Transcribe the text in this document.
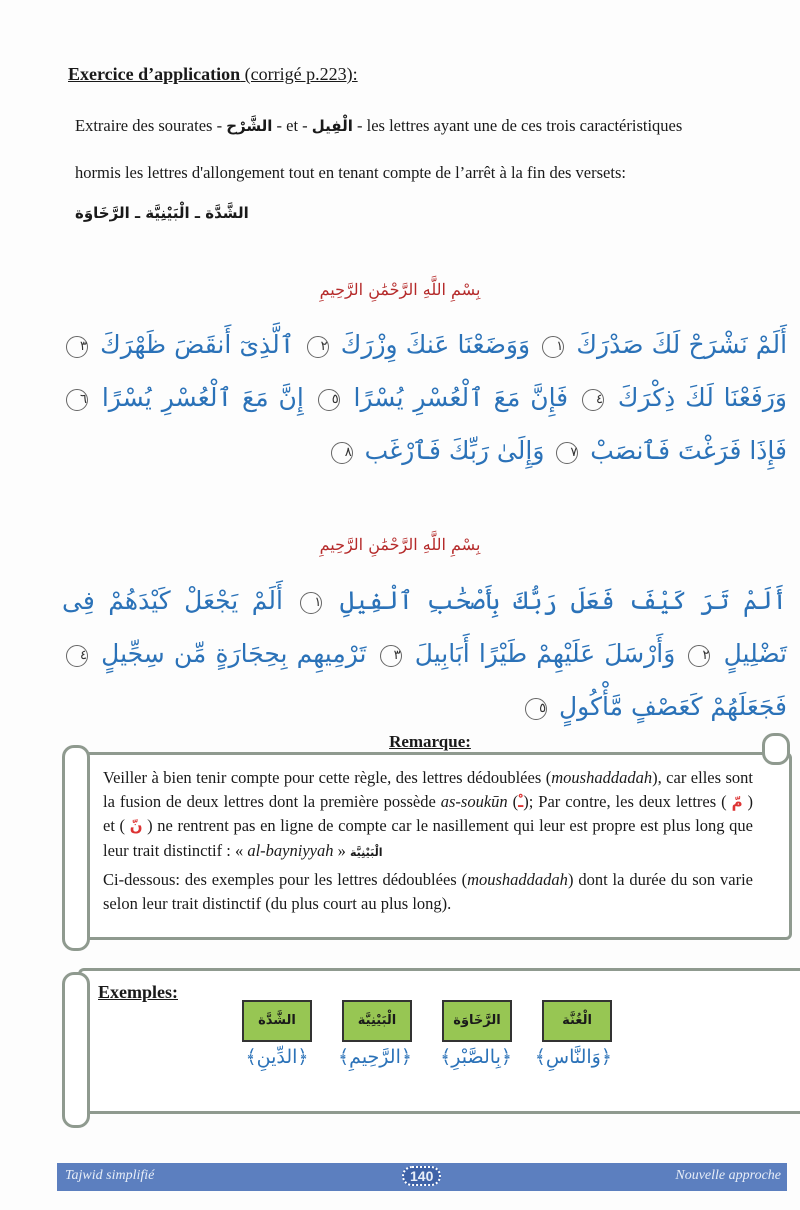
Exercice d’application (corrigé p.223):
Extraire des sourates - الشَّرْح - et - الْفِيل - les lettres ayant une de ces trois caractéristiques
hormis les lettres d'allongement tout en tenant compte de l’arrêt à la fin des versets:
الشَّدَّة ـ الْبَيْنِيَّة ـ الرَّخَاوَة
بِسْمِ اللَّهِ الرَّحْمَٰنِ الرَّحِيمِ
أَلَمْ نَشْرَحْ لَكَ صَدْرَكَ ١ وَوَضَعْنَا عَنكَ وِزْرَكَ ٢ ٱلَّذِىٓ أَنقَضَ ظَهْرَكَ ٣ وَرَفَعْنَا لَكَ ذِكْرَكَ ٤ فَإِنَّ مَعَ ٱلْعُسْرِ يُسْرًا ٥ إِنَّ مَعَ ٱلْعُسْرِ يُسْرًا ٦ فَإِذَا فَرَغْتَ فَٱنصَبْ ٧ وَإِلَىٰ رَبِّكَ فَٱرْغَب ٨
بِسْمِ اللَّهِ الرَّحْمَٰنِ الرَّحِيمِ
أَلَمْ تَرَ كَيْفَ فَعَلَ رَبُّكَ بِأَصْحَٰبِ ٱلْفِيلِ ١ أَلَمْ يَجْعَلْ كَيْدَهُمْ فِى تَضْلِيلٍ ٢ وَأَرْسَلَ عَلَيْهِمْ طَيْرًا أَبَابِيلَ ٣ تَرْمِيهِم بِحِجَارَةٍ مِّن سِجِّيلٍ ٤ فَجَعَلَهُمْ كَعَصْفٍ مَّأْكُولٍ ٥
Remarque:
Veiller à bien tenir compte pour cette règle, des lettres dédoublées (moushaddadah), car elles sont la fusion de deux lettres dont la première possède as-soukūn (ـْ); Par contre, les deux lettres ( مّ ) et ( نّ ) ne rentrent pas en ligne de compte car le nasillement qui leur est propre est plus long que leur trait distinctif : « al-bayniyyah » الْبَيْنِيَّة
Ci-dessous: des exemples pour les lettres dédoublées (moushaddadah) dont la durée du son varie selon leur trait distinctif (du plus court au plus long).
Exemples:
الْغُنَّة
﴿وَالنَّاسِ﴾
الرَّخَاوَة
﴿بِالصَّبْرِ﴾
الْبَيْنِيَّة
﴿الرَّحِيمِ﴾
الشَّدَّة
﴿الدِّينِ﴾
Tajwid simplifié	140	Nouvelle approche
